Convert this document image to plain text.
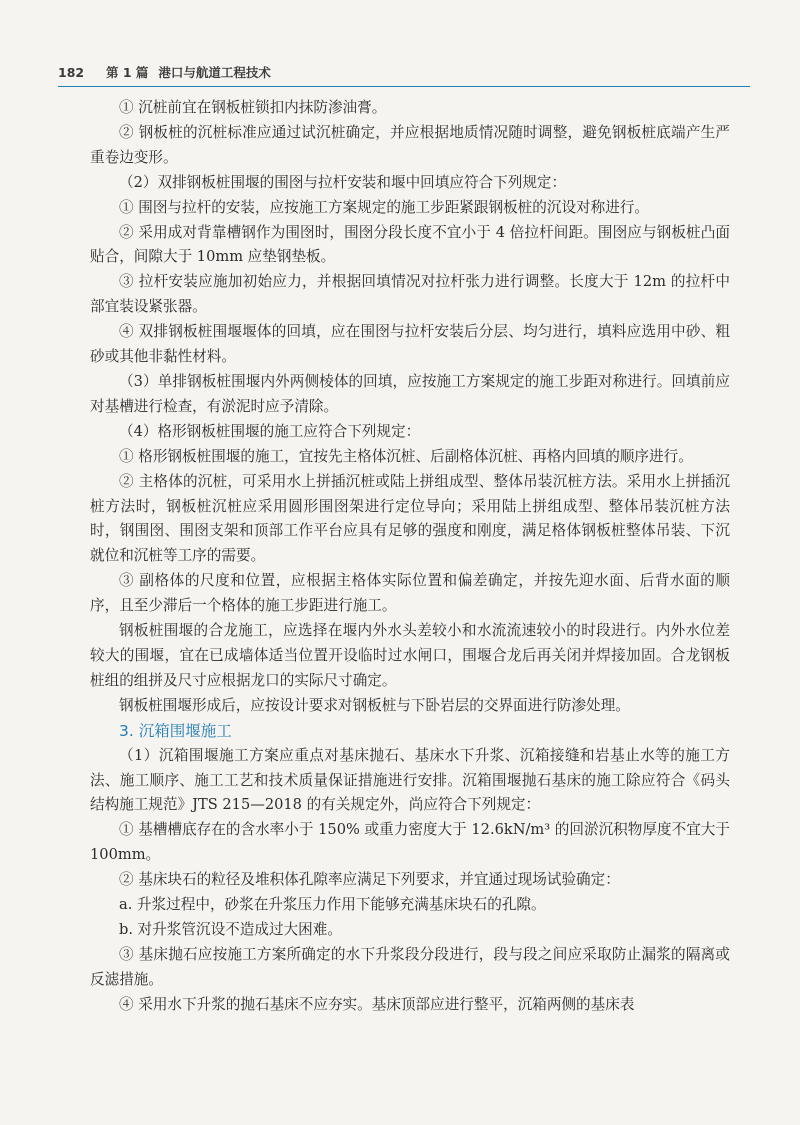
182	第 1 篇 港口与航道工程技术

① 沉桩前宜在钢板桩锁扣内抹防渗油膏。

② 钢板桩的沉桩标准应通过试沉桩确定，并应根据地质情况随时调整，避免钢板桩底端产生严重卷边变形。

（2）双排钢板桩围堰的围囹与拉杆安装和堰中回填应符合下列规定：

① 围囹与拉杆的安装，应按施工方案规定的施工步距紧跟钢板桩的沉设对称进行。

② 采用成对背靠槽钢作为围囹时，围囹分段长度不宜小于 4 倍拉杆间距。围囹应与钢板桩凸面贴合，间隙大于 10mm 应垫钢垫板。

③ 拉杆安装应施加初始应力，并根据回填情况对拉杆张力进行调整。长度大于 12m 的拉杆中部宜装设紧张器。

④ 双排钢板桩围堰堰体的回填，应在围囹与拉杆安装后分层、均匀进行，填料应选用中砂、粗砂或其他非黏性材料。

（3）单排钢板桩围堰内外两侧棱体的回填，应按施工方案规定的施工步距对称进行。回填前应对基槽进行检查，有淤泥时应予清除。

（4）格形钢板桩围堰的施工应符合下列规定：

① 格形钢板桩围堰的施工，宜按先主格体沉桩、后副格体沉桩、再格内回填的顺序进行。

② 主格体的沉桩，可采用水上拼插沉桩或陆上拼组成型、整体吊装沉桩方法。采用水上拼插沉桩方法时，钢板桩沉桩应采用圆形围囹架进行定位导向；采用陆上拼组成型、整体吊装沉桩方法时，钢围囹、围囹支架和顶部工作平台应具有足够的强度和刚度，满足格体钢板桩整体吊装、下沉就位和沉桩等工序的需要。

③ 副格体的尺度和位置，应根据主格体实际位置和偏差确定，并按先迎水面、后背水面的顺序，且至少滞后一个格体的施工步距进行施工。

钢板桩围堰的合龙施工，应选择在堰内外水头差较小和水流流速较小的时段进行。内外水位差较大的围堰，宜在已成墙体适当位置开设临时过水闸口，围堰合龙后再关闭并焊接加固。合龙钢板桩组的组拼及尺寸应根据龙口的实际尺寸确定。

钢板桩围堰形成后，应按设计要求对钢板桩与下卧岩层的交界面进行防渗处理。

3. 沉箱围堰施工

（1）沉箱围堰施工方案应重点对基床抛石、基床水下升浆、沉箱接缝和岩基止水等的施工方法、施工顺序、施工工艺和技术质量保证措施进行安排。沉箱围堰抛石基床的施工除应符合《码头结构施工规范》JTS 215—2018 的有关规定外，尚应符合下列规定：

① 基槽槽底存在的含水率小于 150% 或重力密度大于 12.6kN/m³ 的回淤沉积物厚度不宜大于 100mm。

② 基床块石的粒径及堆积体孔隙率应满足下列要求，并宜通过现场试验确定：

a. 升浆过程中，砂浆在升浆压力作用下能够充满基床块石的孔隙。

b. 对升浆管沉设不造成过大困难。

③ 基床抛石应按施工方案所确定的水下升浆段分段进行，段与段之间应采取防止漏浆的隔离或反滤措施。

④ 采用水下升浆的抛石基床不应夯实。基床顶部应进行整平，沉箱两侧的基床表
